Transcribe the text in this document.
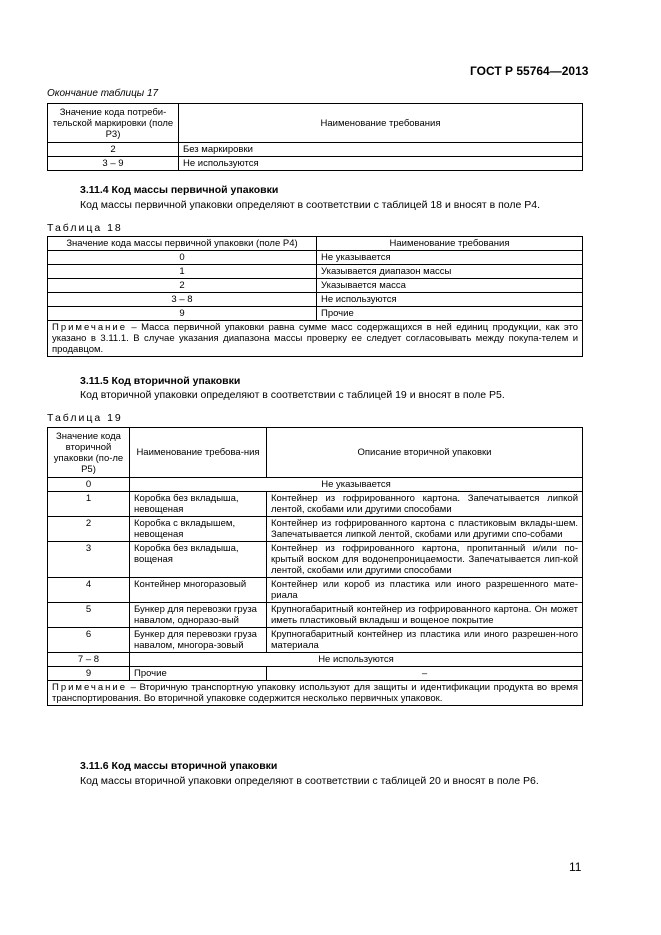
ГОСТ Р 55764—2013
Окончание таблицы 17
Значение кода потреби-тельской маркировки (поле Р3)	Наименование требования
2	Без маркировки
3 – 9	Не используются
3.11.4 Код массы первичной упаковки
Код массы первичной упаковки определяют в соответствии с таблицей 18 и вносят в поле Р4.
Таблица 18
Значение кода массы первичной упаковки (поле Р4)	Наименование требования
0	Не указывается
1	Указывается диапазон массы
2	Указывается масса
3 – 8	Не используются
9	Прочие
Примечание – Масса первичной упаковки равна сумме масс содержащихся в ней единиц продукции, как это указано в 3.11.1. В случае указания диапазона массы проверку ее следует согласовывать между покупа-телем и продавцом.	
3.11.5 Код вторичной упаковки
Код вторичной упаковки определяют в соответствии с таблицей 19 и вносят в поле Р5.
Таблица 19
Значение кода вторичной упаковки (по-ле Р5)	Наименование требова-ния	Описание вторичной упаковки
0	Не указывается	
1	Коробка без вкладыша, невощеная	Контейнер из гофрированного картона. Запечатывается липкой лентой, скобами или другими способами
2	Коробка с вкладышем, невощеная	Контейнер из гофрированного картона с пластиковым вклады-шем. Запечатывается липкой лентой, скобами или другими спо-собами
3	Коробка без вкладыша, вощеная	Контейнер из гофрированного картона, пропитанный и/или по-крытый воском для водонепроницаемости. Запечатывается лип-кой лентой, скобами или другими способами
4	Контейнер многоразовый	Контейнер или короб из пластика или иного разрешенного мате-риала
5	Бункер для перевозки груза навалом, одноразо-вый	Крупногабаритный контейнер из гофрированного картона. Он может иметь пластиковый вкладыш и вощеное покрытие
6	Бункер для перевозки груза навалом, многора-зовый	Крупногабаритный контейнер из пластика или иного разрешен-ного материала
7 – 8	Не используются	
9	Прочие	–
Примечание – Вторичную транспортную упаковку используют для защиты и идентификации продукта во время транспортирования. Во вторичной упаковке содержится несколько первичных упаковок.		
3.11.6 Код массы вторичной упаковки
Код массы вторичной упаковки определяют в соответствии с таблицей 20 и вносят в поле Р6.
11
